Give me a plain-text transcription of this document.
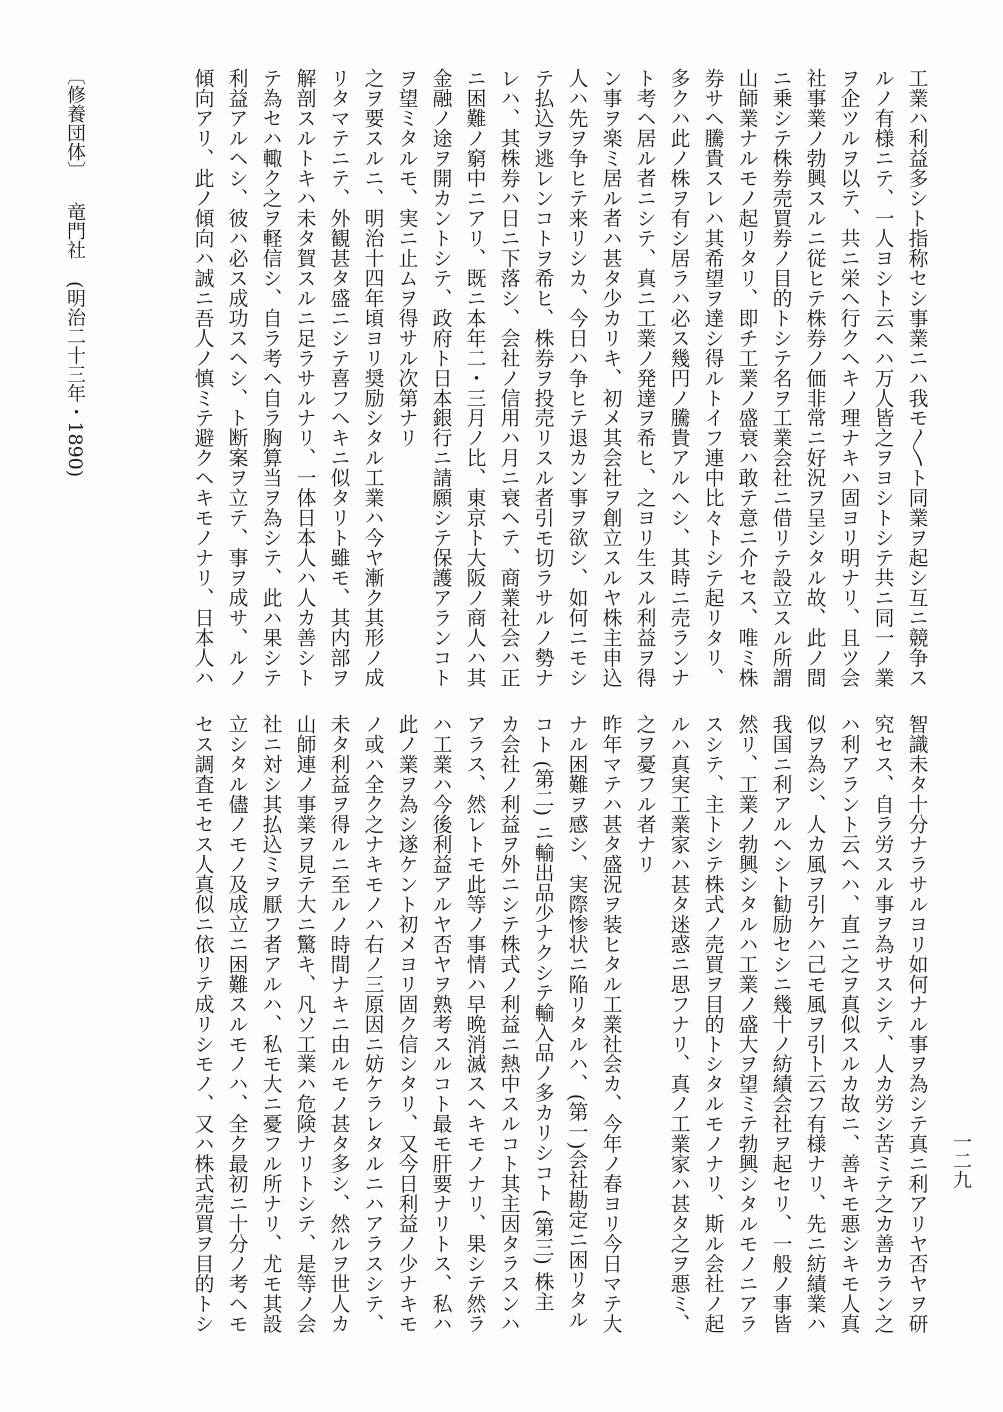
工業ハ利益多シト指称セシ事業ニハ我モ〱ト同業ヲ起シ互ニ競争ス
ルノ有様ニテ、一人ヨシト云ヘハ万人皆之ヲヨシトシテ共ニ同一ノ業
ヲ企ツルヲ以テ、共ニ栄ヘ行クヘキノ理ナキハ固ヨリ明ナリ、且ツ会
社事業ノ勃興スルニ従ヒテ株券ノ価非常ニ好況ヲ呈シタル故、此ノ間
ニ乗シテ株券売買券ノ目的トシテ名ヲ工業会社ニ借リテ設立スル所謂
山師業ナルモノ起リタリ、即チ工業ノ盛衰ハ敢テ意ニ介セス、唯ミ株
券サヘ騰貴スレハ其希望ヲ達シ得ルトイフ連中比々トシテ起リタリ、
多クハ此ノ株ヲ有シ居ラハ必ス幾円ノ騰貴アルヘシ、其時ニ売ランナ
ト考ヘ居ル者ニシテ、真ニ工業ノ発達ヲ希ヒ、之ヨリ生スル利益ヲ得
ン事ヲ楽ミ居ル者ハ甚タ少カリキ、初メ其会社ヲ創立スルヤ株主申込
人ハ先ヲ争ヒテ来リシカ、今日ハ争ヒテ退カン事ヲ欲シ、如何ニモシ
テ払込ヲ逃レンコトヲ希ヒ、株券ヲ投売リスル者引モ切ラサルノ勢ナ
レハ、其株券ハ日ニ下落シ、会社ノ信用ハ月ニ衰ヘテ、商業社会ハ正
ニ困難ノ窮中ニアリ、既ニ本年二・三月ノ比、東京ト大阪ノ商人ハ其
金融ノ途ヲ開カントシテ、政府ト日本銀行ニ請願シテ保護アランコト
ヲ望ミタルモ、実ニ止ムヲ得サル次第ナリ
之ヲ要スルニ、明治十四年頃ヨリ奨励シタル工業ハ今ヤ漸ク其形ノ成
リタマテニテ、外観甚タ盛ニシテ喜フヘキニ似タリト雖モ、其内部ヲ
解剖スルトキハ未タ賀スルニ足ラサルナリ、一体日本人ハ人カ善シト
テ為セハ輙ク之ヲ軽信シ、自ラ考ヘ自ラ胸算当ヲ為シテ、此ハ果シテ
利益アルヘシ、彼ハ必ス成功スヘシ、ト断案ヲ立テ、事ヲ成サ、ルノ
傾向アリ、此ノ傾向ハ誠ニ吾人ノ慎ミテ避クヘキモノナリ、日本人ハ
智識未タ十分ナラサルヨリ如何ナル事ヲ為シテ真ニ利アリヤ否ヤヲ研
究セス、自ラ労スル事ヲ為サスシテ、人カ労シ苦ミテ之カ善カラン之
ハ利アラント云ヘハ、直ニ之ヲ真似スルカ故ニ、善キモ悪シキモ人真
似ヲ為シ、人カ風ヲ引ケハ己モ風ヲ引ト云フ有様ナリ、先ニ紡績業ハ
我国ニ利アルヘシト勧励セシニ幾十ノ紡績会社ヲ起セリ、一般ノ事皆
然リ、工業ノ勃興シタルハ工業ノ盛大ヲ望ミテ勃興シタルモノニアラ
スシテ、主トシテ株式ノ売買ヲ目的トシタルモノナリ、斯ル会社ノ起
ルハ真実工業家ハ甚タ迷惑ニ思フナリ、真ノ工業家ハ甚タ之ヲ悪ミ、
之ヲ憂フル者ナリ
昨年マテハ甚タ盛況ヲ装ヒタル工業社会カ、今年ノ春ヨリ今日マテ大
ナル困難ヲ感シ、実際惨状ニ陥リタルハ、(第一)会社勘定ニ困リタル
コト (第二) ニ輸出品少ナクシテ輸入品ノ多カリシコト (第三) 株主
カ会社ノ利益ヲ外ニシテ株式ノ利益ニ熱中スルコト其主因タラスンハ
アラス、然レトモ此等ノ事情ハ早晩消滅スヘキモノナリ、果シテ然ラ
ハ工業ハ今後利益アルヤ否ヤヲ熟考スルコト最モ肝要ナリトス、私ハ
此ノ業ヲ為シ遂ケント初メヨリ固ク信シタリ、又今日利益ノ少ナキモ
ノ或ハ全ク之ナキモノハ右ノ三原因ニ妨ケラレタルニハアラスシテ、
未タ利益ヲ得ルニ至ルノ時間ナキニ由ルモノ甚タ多シ、然ルヲ世人カ
山師連ノ事業ヲ見テ大ニ驚キ、凡ソ工業ハ危険ナリトシテ、是等ノ会
社ニ対シ其払込ミヲ厭フ者アルハ、私モ大ニ憂フル所ナリ、尤モ其設
立シタル儘ノモノ及成立ニ困難スルモノハ、全ク最初ニ十分ノ考ヘモ
セス調査モセス人真似ニ依リテ成リシモノ、又ハ株式売買ヲ目的トシ
〔修養団体〕竜門社(明治二十三年・1890)
一二九
